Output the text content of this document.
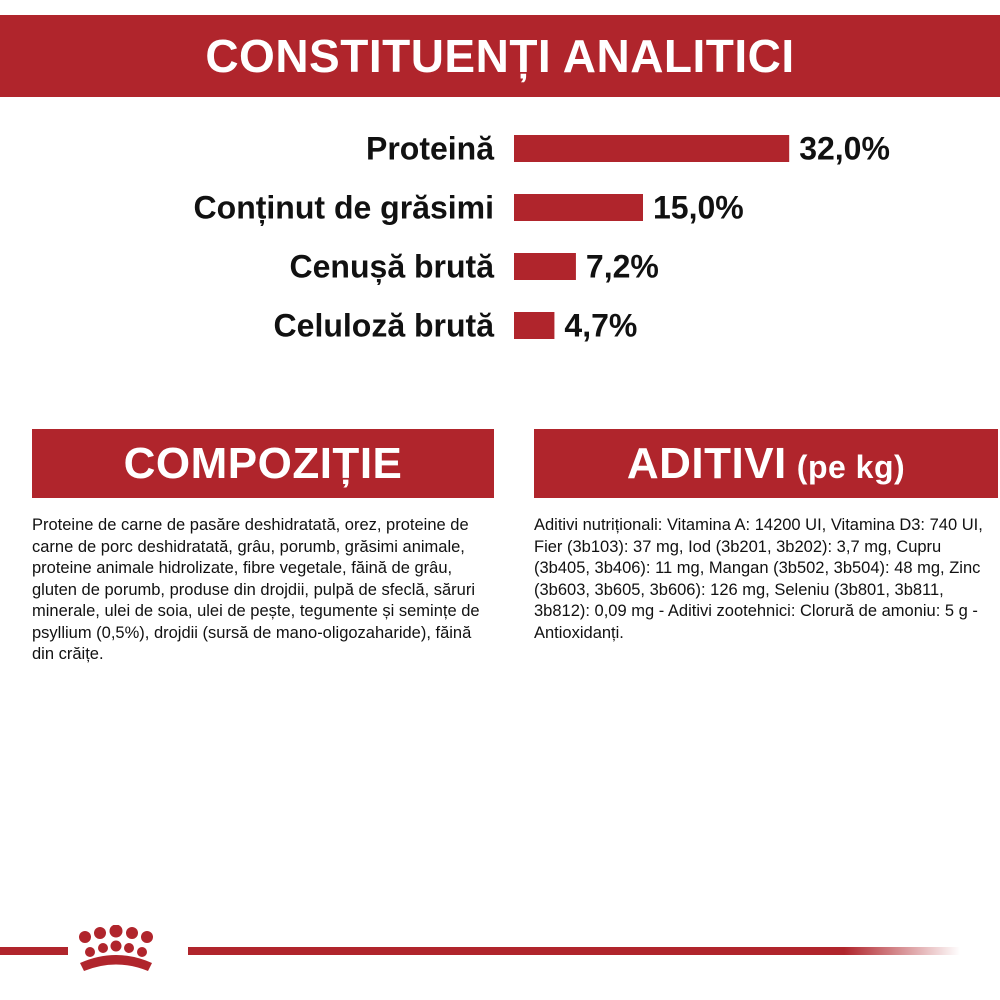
CONSTITUENȚI ANALITICI
Proteină	32,0%
Conținut de grăsimi	15,0%
Cenușă brută	7,2%
Celuloză brută 4,7%
COMPOZIȚIE	ADITIVI (pe kg)
Proteine de carne de pasăre deshidratată, orez, proteine de carne de porc deshidratată, grâu, porumb, grăsimi animale, proteine animale hidrolizate, fibre vegetale, făină de grâu, gluten de porumb, produse din drojdii, pulpă de sfeclă, săruri minerale, ulei de soia, ulei de pește, tegumente și semințe de psyllium (0,5%), drojdii (sursă de mano-oligozaharide), făină din crăițe.
Aditivi nutriționali: Vitamina A: 14200 UI, Vitamina D3: 740 UI, Fier (3b103): 37 mg, Iod (3b201, 3b202): 3,7 mg, Cupru (3b405, 3b406): 11 mg, Mangan (3b502, 3b504): 48 mg, Zinc (3b603, 3b605, 3b606): 126 mg, Seleniu (3b801, 3b811, 3b812): 0,09 mg - Aditivi zootehnici: Clorură de amoniu: 5 g - Antioxidanți.
